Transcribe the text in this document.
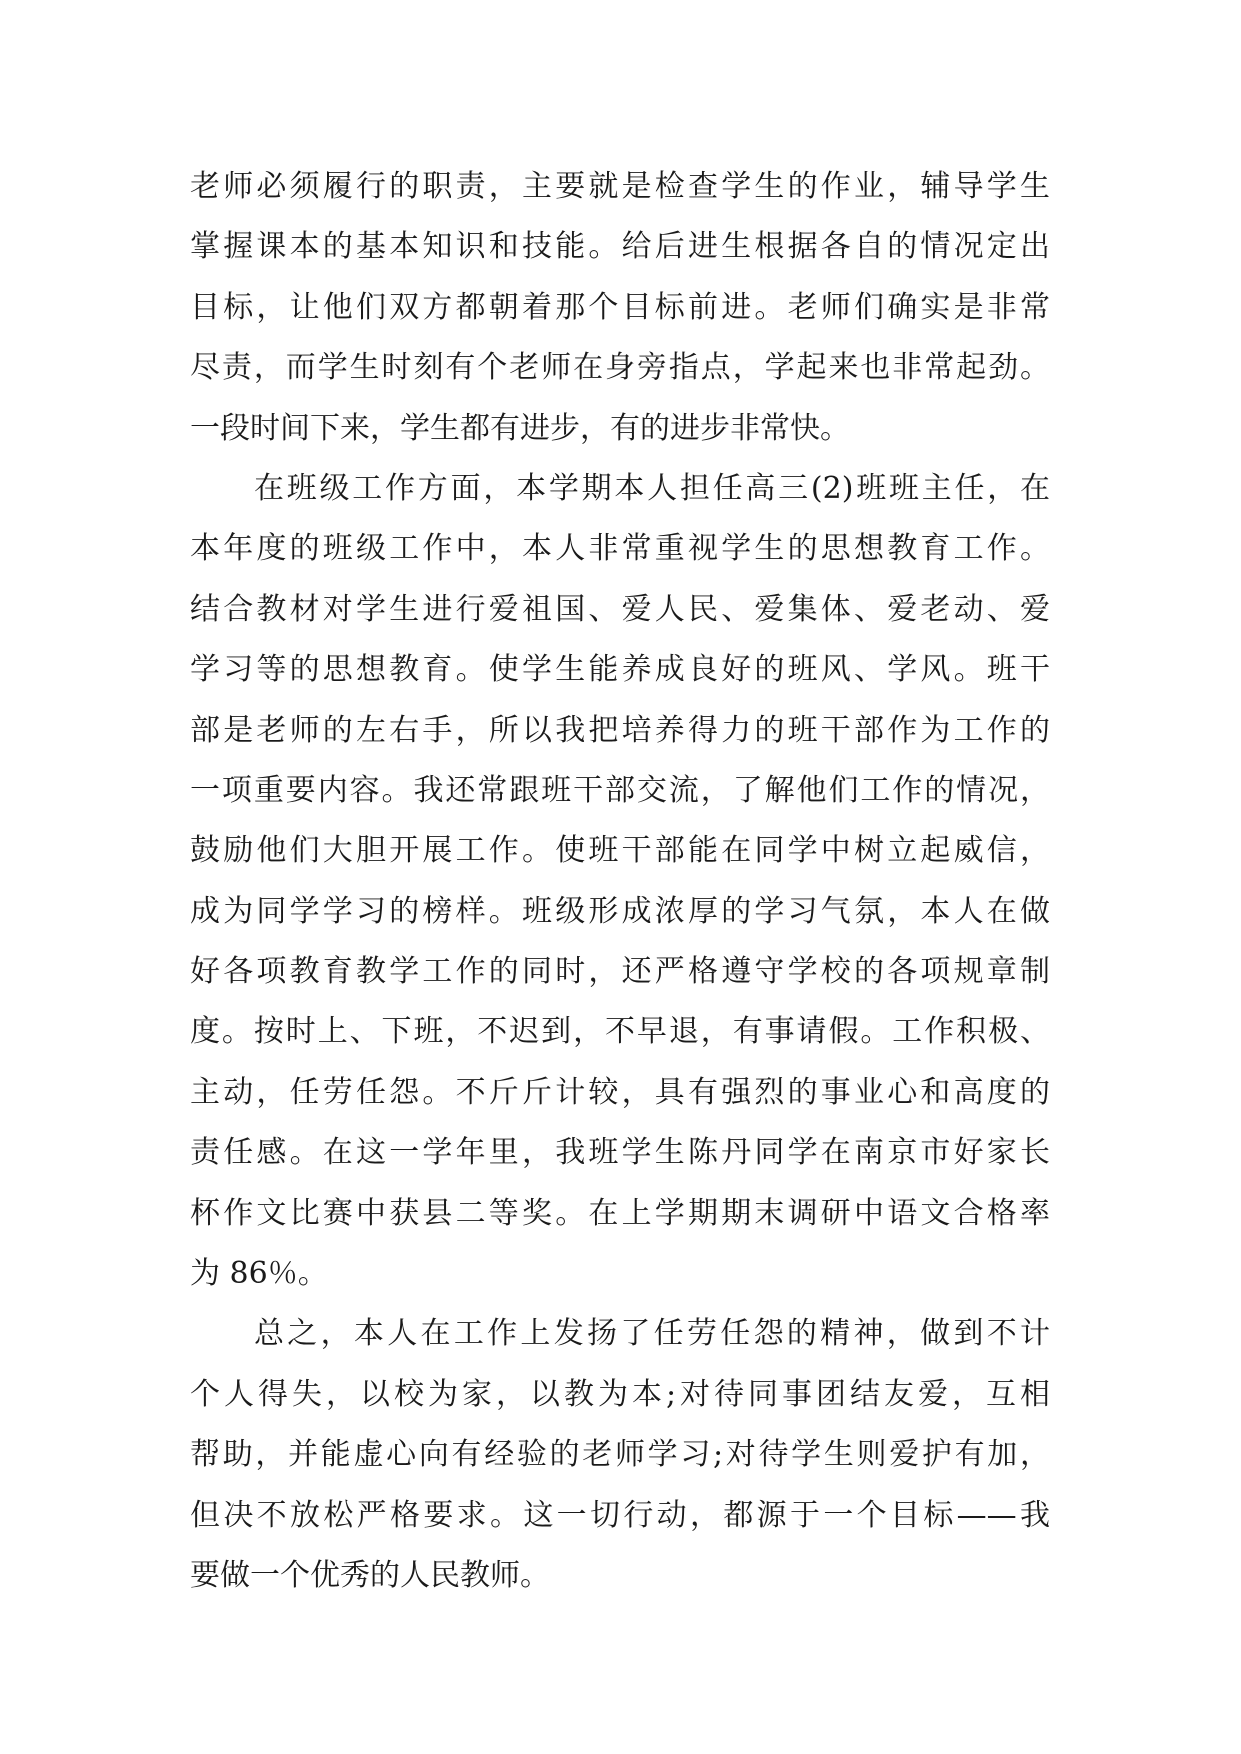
老师必须履行的职责，主要就是检查学生的作业，辅导学生
掌握课本的基本知识和技能。给后进生根据各自的情况定出
目标，让他们双方都朝着那个目标前进。老师们确实是非常
尽责，而学生时刻有个老师在身旁指点，学起来也非常起劲。
一段时间下来，学生都有进步，有的进步非常快。
在班级工作方面，本学期本人担任高三(2)班班主任，在
本年度的班级工作中，本人非常重视学生的思想教育工作。
结合教材对学生进行爱祖国、爱人民、爱集体、爱老动、爱
学习等的思想教育。使学生能养成良好的班风、学风。班干
部是老师的左右手，所以我把培养得力的班干部作为工作的
一项重要内容。我还常跟班干部交流，了解他们工作的情况，
鼓励他们大胆开展工作。使班干部能在同学中树立起威信，
成为同学学习的榜样。班级形成浓厚的学习气氛，本人在做
好各项教育教学工作的同时，还严格遵守学校的各项规章制
度。按时上、下班，不迟到，不早退，有事请假。工作积极、
主动，任劳任怨。不斤斤计较，具有强烈的事业心和高度的
责任感。在这一学年里，我班学生陈丹同学在南京市好家长
杯作文比赛中获县二等奖。在上学期期末调研中语文合格率
为 86％。
总之，本人在工作上发扬了任劳任怨的精神，做到不计
个人得失，以校为家，以教为本;对待同事团结友爱，互相
帮助，并能虚心向有经验的老师学习;对待学生则爱护有加，
但决不放松严格要求。这一切行动，都源于一个目标——我
要做一个优秀的人民教师。
